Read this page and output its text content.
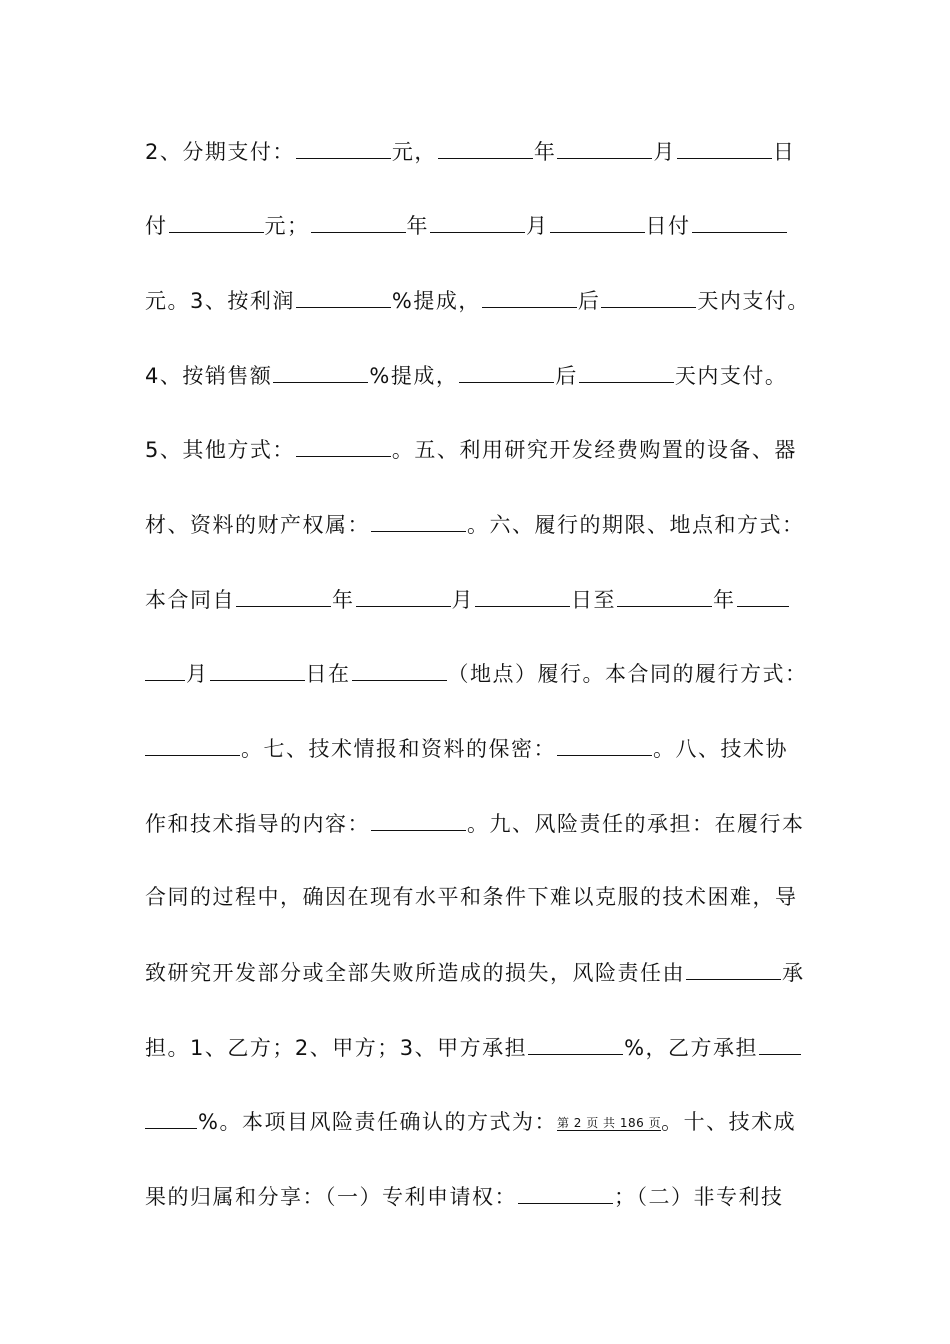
2、分期支付：	元，	年	月	日
付	元；	年	月	日付
元。3、按利润	%提成，	后	天内支付。
4、按销售额	%提成，	后	天内支付。
5、其他方式：	。五、利用研究开发经费购置的设备、器
材、资料的财产权属：	。六、履行的期限、地点和方式：
本合同自	年	月	日至	年
月	日在	（地点）履行。本合同的履行方式：
。七、技术情报和资料的保密：	。八、技术协
作和技术指导的内容：	。九、风险责任的承担：在履行本
合同的过程中，确因在现有水平和条件下难以克服的技术困难，导
致研究开发部分或全部失败所造成的损失，风险责任由	承
担。1、乙方；2、甲方；3、甲方承担	%，乙方承担
%。本项目风险责任确认的方式为：第 2 页 共 186 页。十、技术成
果的归属和分享：（一）专利申请权：	；（二）非专利技
